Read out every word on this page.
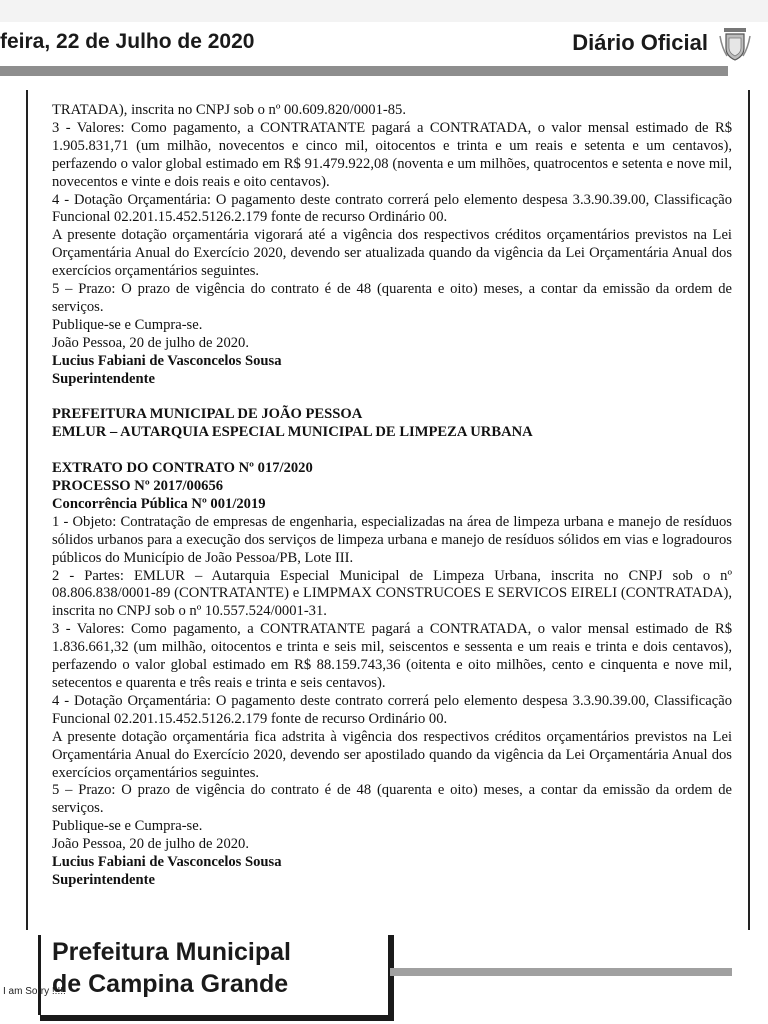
feira, 22 de Julho de 2020	Diário Oficial

TRATADA), inscrita no CNPJ sob o nº 00.609.820/0001-85.

3 - Valores: Como pagamento, a CONTRATANTE pagará a CONTRATADA, o valor mensal estimado de R$ 1.905.831,71 (um milhão, novecentos e cinco mil, oitocentos e trinta e um reais e setenta e um centavos), perfazendo o valor global estimado em R$ 91.479.922,08 (noventa e um milhões, quatrocentos e setenta e nove mil, novecentos e vinte e dois reais e oito centavos).

4 - Dotação Orçamentária: O pagamento deste contrato correrá pelo elemento despesa 3.3.90.39.00, Classificação Funcional 02.201.15.452.5126.2.179 fonte de recurso Ordinário 00.

A presente dotação orçamentária vigorará até a vigência dos respectivos créditos orçamentários previstos na Lei Orçamentária Anual do Exercício 2020, devendo ser atualizada quando da vigência da Lei Orçamentária Anual dos exercícios orçamentários seguintes.

5 – Prazo: O prazo de vigência do contrato é de 48 (quarenta e oito) meses, a contar da emissão da ordem de serviços.

Publique-se e Cumpra-se.

João Pessoa, 20 de julho de 2020.

Lucius Fabiani de Vasconcelos Sousa

Superintendente

PREFEITURA MUNICIPAL DE JOÃO PESSOA

EMLUR – AUTARQUIA ESPECIAL MUNICIPAL DE LIMPEZA URBANA

EXTRATO DO CONTRATO Nº 017/2020

PROCESSO Nº 2017/00656

Concorrência Pública Nº 001/2019

1 - Objeto: Contratação de empresas de engenharia, especializadas na área de limpeza urbana e manejo de resíduos sólidos urbanos para a execução dos serviços de limpeza urbana e manejo de resíduos sólidos em vias e logradouros públicos do Município de João Pessoa/PB, Lote III.

2 - Partes: EMLUR – Autarquia Especial Municipal de Limpeza Urbana, inscrita no CNPJ sob o nº 08.806.838/0001-89 (CONTRATANTE) e LIMPMAX CONSTRUCOES E SERVICOS EIRELI (CONTRATADA), inscrita no CNPJ sob o nº 10.557.524/0001-31.

3 - Valores: Como pagamento, a CONTRATANTE pagará a CONTRATADA, o valor mensal estimado de R$ 1.836.661,32 (um milhão, oitocentos e trinta e seis mil, seiscentos e sessenta e um reais e trinta e dois centavos), perfazendo o valor global estimado em R$ 88.159.743,36 (oitenta e oito milhões, cento e cinquenta e nove mil, setecentos e quarenta e três reais e trinta e seis centavos).

4 - Dotação Orçamentária: O pagamento deste contrato correrá pelo elemento despesa 3.3.90.39.00, Classificação Funcional 02.201.15.452.5126.2.179 fonte de recurso Ordinário 00.

A presente dotação orçamentária fica adstrita à vigência dos respectivos créditos orçamentários previstos na Lei Orçamentária Anual do Exercício 2020, devendo ser apostilado quando da vigência da Lei Orçamentária Anual dos exercícios orçamentários seguintes.

5 – Prazo: O prazo de vigência do contrato é de 48 (quarenta e oito) meses, a contar da emissão da ordem de serviços.

Publique-se e Cumpra-se.

João Pessoa, 20 de julho de 2020.

Lucius Fabiani de Vasconcelos Sousa

Superintendente

Prefeitura Municipal
de Campina Grande
I am Sorry !!!!!
